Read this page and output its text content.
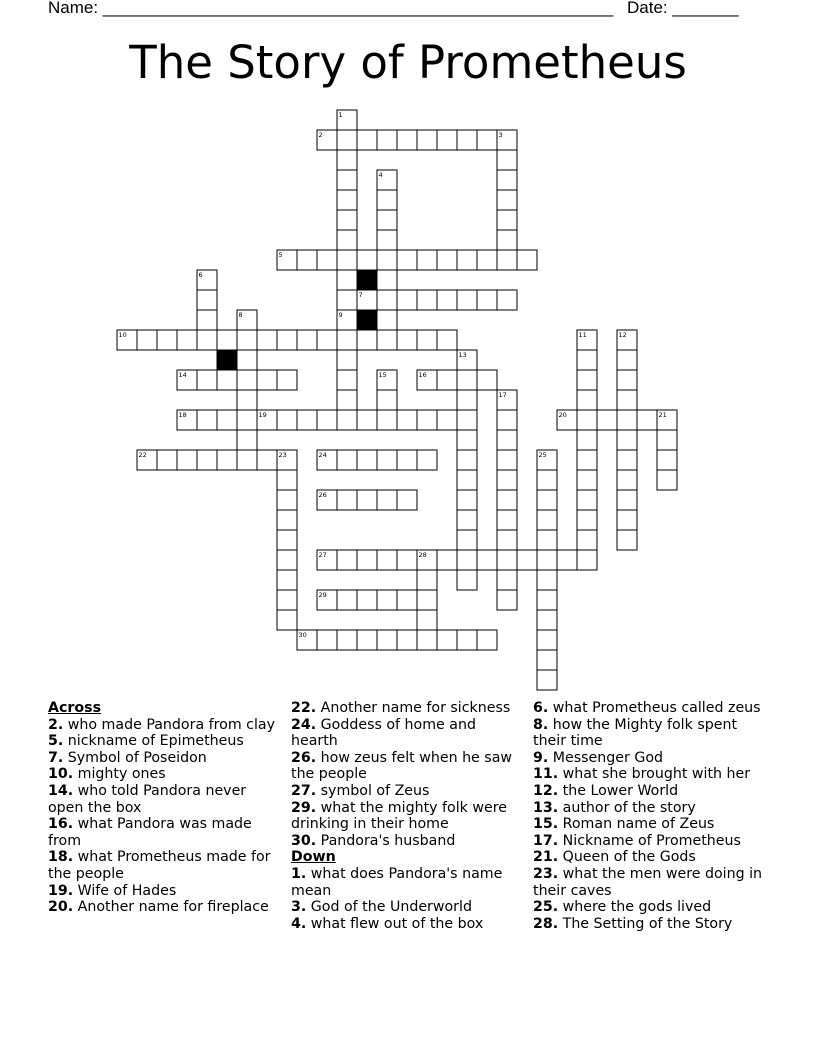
Name: ______________________________________________________ Date: _______
The Story of Prometheus
1
2	3
4
5
6
7
8	9
10	11	12
13
14	15	16
17
18	19	20	21
22	23	24	25
26
27	28
29
30
Across
2. who made Pandora from clay
5. nickname of Epimetheus
7. Symbol of Poseidon
10. mighty ones
14. who told Pandora never open the box
16. what Pandora was made from
18. what Prometheus made for the people
19. Wife of Hades
20. Another name for fireplace
22. Another name for sickness
24. Goddess of home and hearth
26. how zeus felt when he saw the people
27. symbol of Zeus
29. what the mighty folk were drinking in their home
30. Pandora's husband
Down
1. what does Pandora's name mean
3. God of the Underworld
4. what flew out of the box
6. what Prometheus called zeus
8. how the Mighty folk spent their time
9. Messenger God
11. what she brought with her
12. the Lower World
13. author of the story
15. Roman name of Zeus
17. Nickname of Prometheus
21. Queen of the Gods
23. what the men were doing in their caves
25. where the gods lived
28. The Setting of the Story
